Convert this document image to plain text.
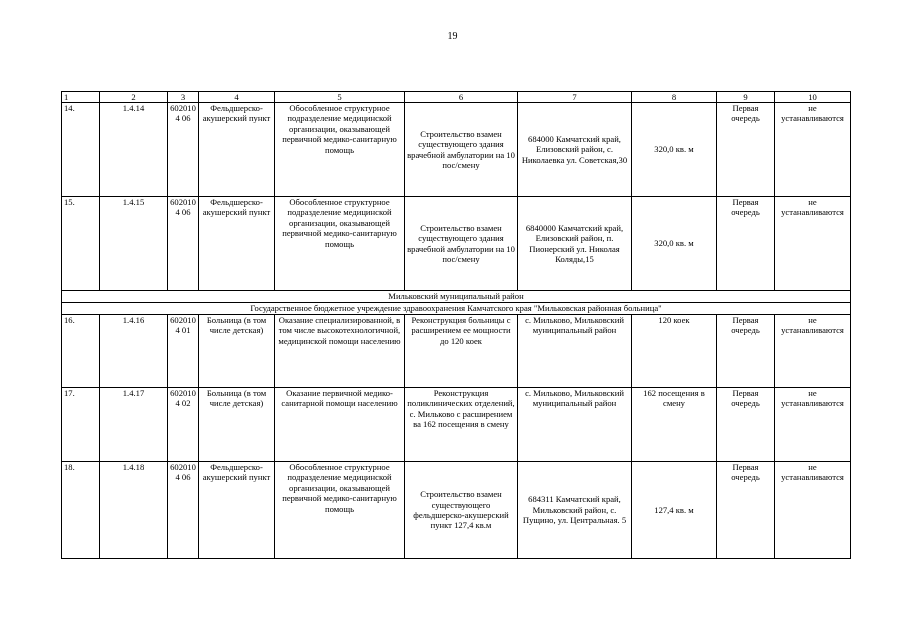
19
1	2	3	4	5	6	7	8	9	10
14.	1.4.14	6020104 06	Фельдшерско-акушерский пункт	Обособленное структурное подразделение медицинской организации, оказывающей первичной медико-санитарную помощь	Строительство взамен существующего здания врачебной амбулатории на 10 пос/смену	684000 Камчатский край, Елизовский район, с. Николаевка ул. Советская,30	320,0 кв. м	Первая очередь	не устанавливаются
15.	1.4.15	6020104 06	Фельдшерско-акушерский пункт	Обособленное структурное подразделение медицинской организации, оказывающей первичной медико-санитарную помощь	Строительство взамен существующего здания врачебной амбулатории на 10 пос/смену	6840000 Камчатский край, Елизовский район, п. Пионерский ул. Николая Коляды,15	320,0 кв. м	Первая очередь	не устанавливаются
Мильковский муниципальный район									
Государственное бюджетное учреждение здравоохранения Камчатского края "Мильковская районная больница"									
16.	1.4.16	6020104 01	Больница (в том числе детская)	Оказание специализированной, в том числе высокотехнологичной, медицинской помощи населению	Реконструкция больницы с расширением ее мощности до 120 коек	с. Мильково, Мильковский муниципальный район	120 коек	Первая очередь	не устанавливаются
17.	1.4.17	6020104 02	Больница (в том числе детская)	Оказание первичной медико-санитарной помощи населению	Реконструкция поликлинических отделений, с. Мильково с расширением ва 162 посещения в смену	с. Мильково, Мильковский муниципальный район	162 посещения в смену	Первая очередь	не устанавливаются
18.	1.4.18	6020104 06	Фельдшерско-акушерский пункт	Обособленное структурное подразделение медицинской организации, оказывающей первичной медико-санитарную помощь	Строительство взамен существующего фельдшерско-акушерский пункт 127,4 кв.м	684311 Камчатский край, Мильковский район, с. Пущино, ул. Центральная. 5	127,4 кв. м	Первая очередь	не устанавливаются
